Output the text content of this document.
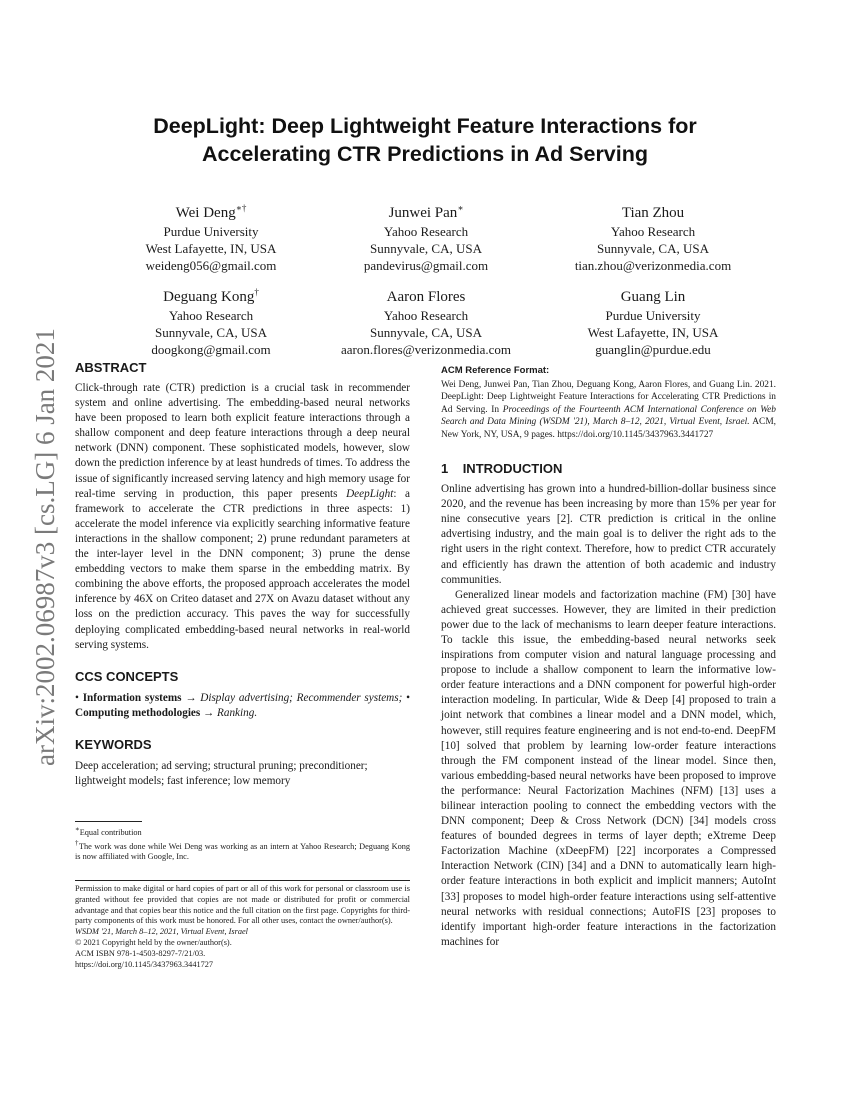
arXiv:2002.06987v3 [cs.LG] 6 Jan 2021
DeepLight: Deep Lightweight Feature Interactions for
Accelerating CTR Predictions in Ad Serving
Wei Deng∗†
Purdue University
West Lafayette, IN, USA
weideng056@gmail.com
Junwei Pan∗
Yahoo Research
Sunnyvale, CA, USA
pandevirus@gmail.com
Tian Zhou
Yahoo Research
Sunnyvale, CA, USA
tian.zhou@verizonmedia.com
Deguang Kong†
Yahoo Research
Sunnyvale, CA, USA
doogkong@gmail.com
Aaron Flores
Yahoo Research
Sunnyvale, CA, USA
aaron.flores@verizonmedia.com
Guang Lin
Purdue University
West Lafayette, IN, USA
guanglin@purdue.edu
ABSTRACT

Click-through rate (CTR) prediction is a crucial task in recommender system and online advertising. The embedding-based neural networks have been proposed to learn both explicit feature interactions through a shallow component and deep feature interactions through a deep neural network (DNN) component. These sophisticated models, however, slow down the prediction inference by at least hundreds of times. To address the issue of significantly increased serving latency and high memory usage for real-time serving in production, this paper presents DeepLight: a framework to accelerate the CTR predictions in three aspects: 1) accelerate the model inference via explicitly searching informative feature interactions in the shallow component; 2) prune redundant parameters at the inter-layer level in the DNN component; 3) prune the dense embedding vectors to make them sparse in the embedding matrix. By combining the above efforts, the proposed approach accelerates the model inference by 46X on Criteo dataset and 27X on Avazu dataset without any loss on the prediction accuracy. This paves the way for successfully deploying complicated embedding-based neural networks in real-world serving systems.

CCS CONCEPTS

• Information systems → Display advertising; Recommender systems; • Computing methodologies → Ranking.

KEYWORDS

Deep acceleration; ad serving; structural pruning; preconditioner; lightweight models; fast inference; low memory

∗Equal contribution
†The work was done while Wei Deng was working as an intern at Yahoo Research; Deguang Kong is now affiliated with Google, Inc.
Permission to make digital or hard copies of part or all of this work for personal or classroom use is granted without fee provided that copies are not made or distributed for profit or commercial advantage and that copies bear this notice and the full citation on the first page. Copyrights for third-party components of this work must be honored. For all other uses, contact the owner/author(s).
WSDM '21, March 8–12, 2021, Virtual Event, Israel
© 2021 Copyright held by the owner/author(s).
ACM ISBN 978-1-4503-8297-7/21/03.
https://doi.org/10.1145/3437963.3441727
ACM Reference Format:
Wei Deng, Junwei Pan, Tian Zhou, Deguang Kong, Aaron Flores, and Guang Lin. 2021. DeepLight: Deep Lightweight Feature Interactions for Accelerating CTR Predictions in Ad Serving. In Proceedings of the Fourteenth ACM International Conference on Web Search and Data Mining (WSDM '21), March 8–12, 2021, Virtual Event, Israel. ACM, New York, NY, USA, 9 pages. https://doi.org/10.1145/3437963.3441727
1 INTRODUCTION

Online advertising has grown into a hundred-billion-dollar business since 2020, and the revenue has been increasing by more than 15% per year for nine consecutive years [2]. CTR prediction is critical in the online advertising industry, and the main goal is to deliver the right ads to the right users in the right context. Therefore, how to predict CTR accurately and efficiently has drawn the attention of both academic and industry communities.

Generalized linear models and factorization machine (FM) [30] have achieved great successes. However, they are limited in their prediction power due to the lack of mechanisms to learn deeper feature interactions. To tackle this issue, the embedding-based neural networks seek inspirations from computer vision and natural language processing and propose to include a shallow component to learn the informative low-order feature interactions and a DNN component for powerful high-order interaction modeling. In particular, Wide & Deep [4] proposed to train a joint network that combines a linear model and a DNN model, which, however, still requires feature engineering and is not end-to-end. DeepFM [10] solved that problem by learning low-order feature interactions through the FM component instead of the linear model. Since then, various embedding-based neural networks have been proposed to improve the performance: Neural Factorization Machines (NFM) [13] uses a bilinear interaction pooling to connect the embedding vectors with the DNN component; Deep & Cross Network (DCN) [34] models cross features of bounded degrees in terms of layer depth; eXtreme Deep Factorization Machine (xDeepFM) [22] incorporates a Compressed Interaction Network (CIN) [34] and a DNN to automatically learn high-order feature interactions in both explicit and implicit manners; AutoInt [33] proposes to model high-order feature interactions using self-attentive neural networks with residual connections; AutoFIS [23] proposes to identify important high-order feature interactions in the factorization machines for
